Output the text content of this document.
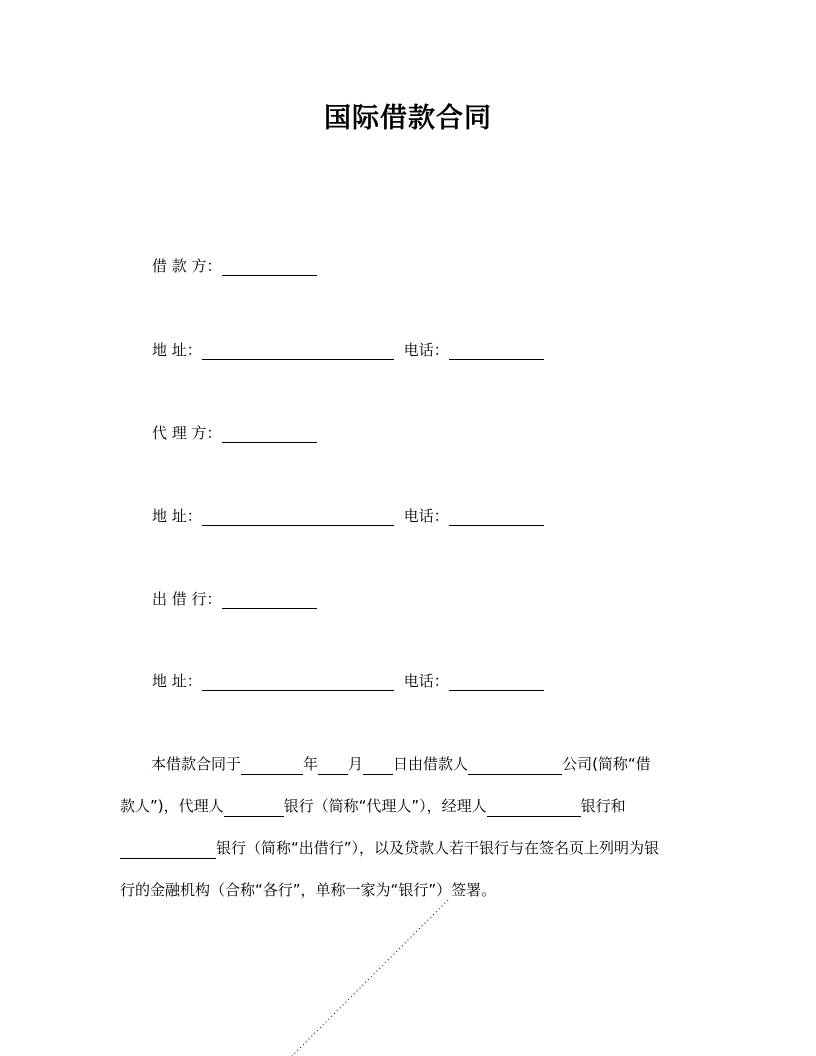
国际借款合同
借 款 方：
地 址：	电话：
代 理 方：
地 址：	电话：
出 借 行：
地 址：	电话：
本借款合同于	年 月 日由借款人	公司(简称“借
款人”)，代理人	银行（简称“代理人”），经理人	银行和
银行（简称“出借行”），以及贷款人若干银行与在签名页上列明为银
行的金融机构（合称“各行”，单称一家为“银行”）签署。
